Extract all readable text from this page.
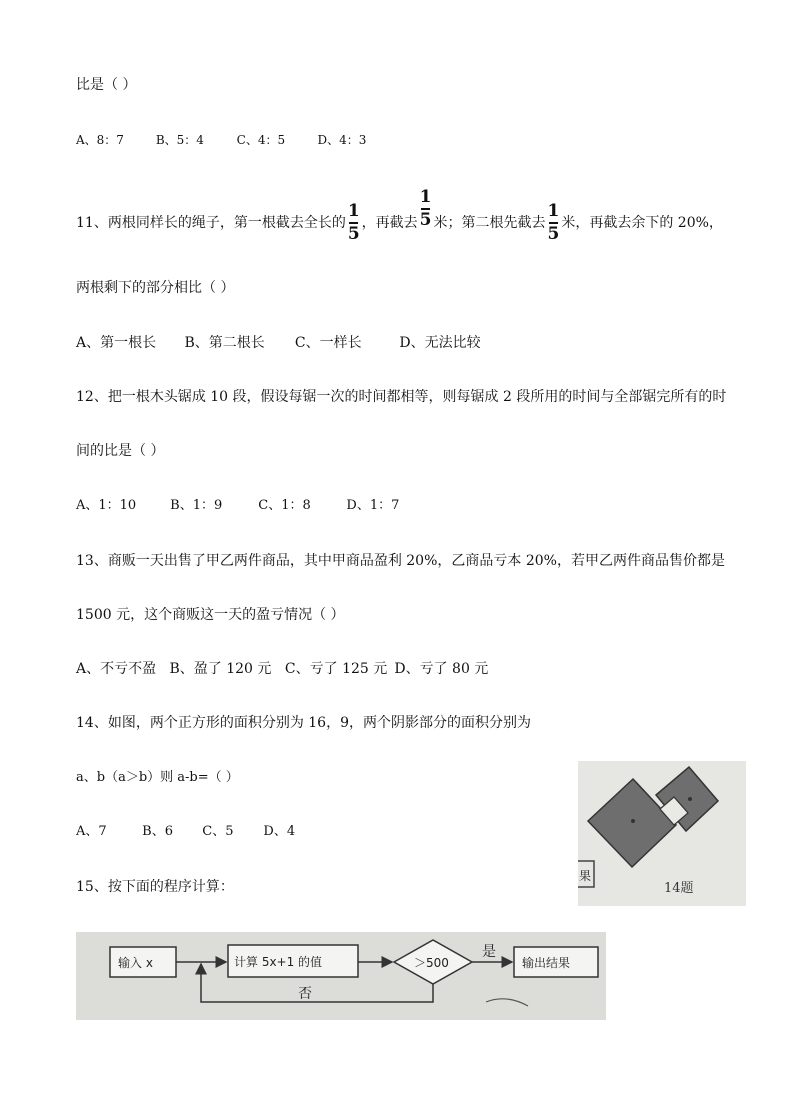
比是（ ）
A、8：7	B、5：4	C、4：5	D、4：3
11、两根同样长的绳子，第一根截去全长的 $\frac{1}{5}$ ，再截去 $\frac{1}{5}$ 米；第二根先截去 $\frac{1}{5}$ 米，再截去余下的 20%，
两根剩下的部分相比（ ）
A、第一根长 B、第二根长 C、一样长	D、无法比较
12、把一根木头锯成 10 段，假设每锯一次的时间都相等，则每锯成 2 段所用的时间与全部锯完所有的时
间的比是（ ）
A、1：10	B、1：9	C、1：8	D、1：7
13、商贩一天出售了甲乙两件商品，其中甲商品盈利 20%，乙商品亏本 20%，若甲乙两件商品售价都是
1500 元，这个商贩这一天的盈亏情况（ ）
A、不亏不盈 B、盈了 120 元 C、亏了 125 元 D、亏了 80 元
14、如图，两个正方形的面积分别为 16，9，两个阴影部分的面积分别为
a、b（a＞b）则 a-b=（ ）
A、7	B、6 C、5 D、4
果
14题
15、按下面的程序计算：
输入 x	计算 5x+1 的值	＞500
是
输出结果
否
